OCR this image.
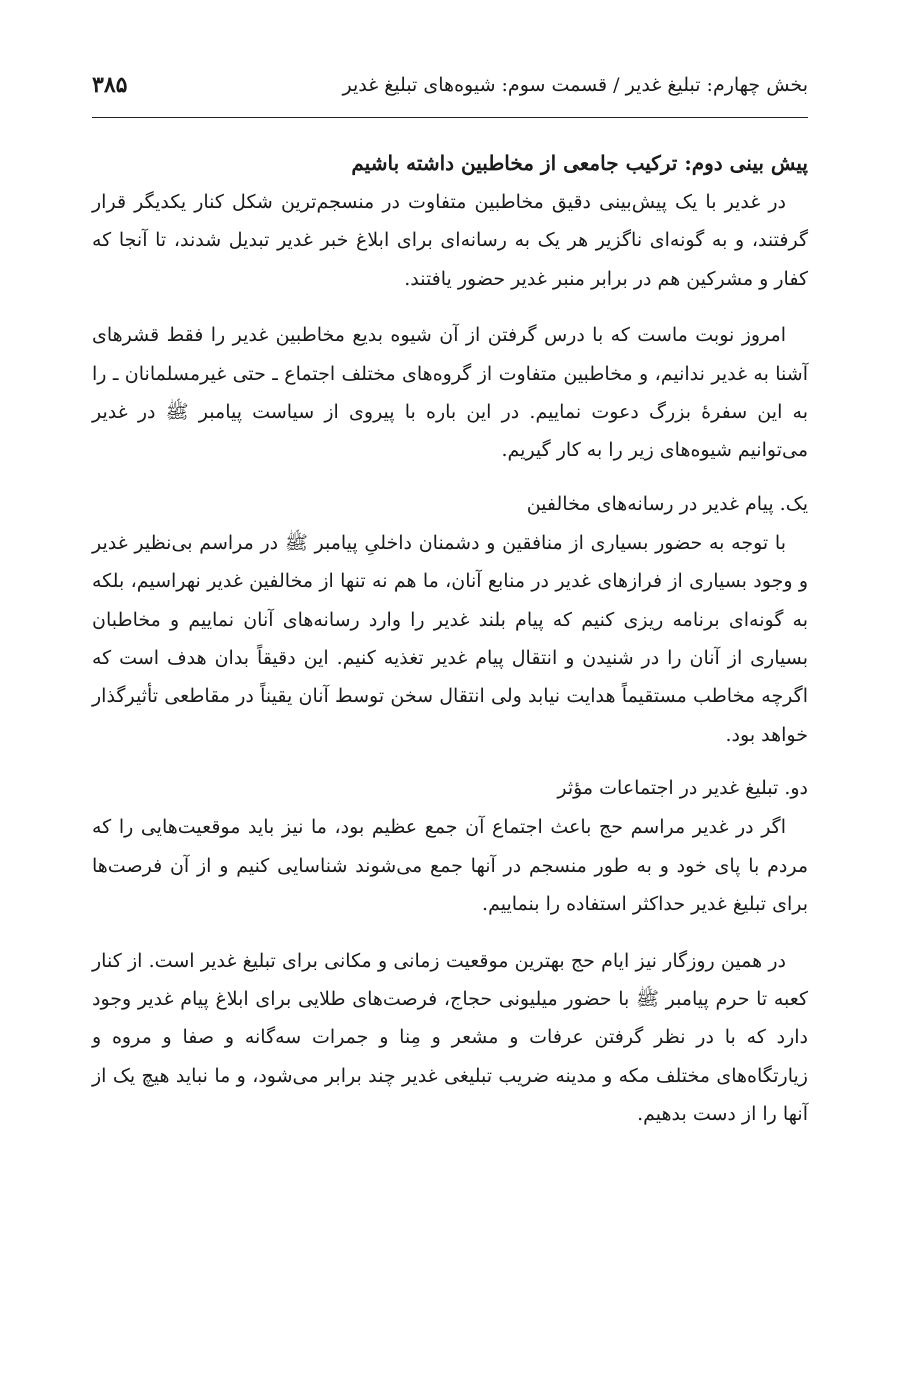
بخش چهارم: تبلیغ غدیر / قسمت سوم: شیوه‌های تبلیغ غدیر
۳۸۵
پیش بینی دوم: ترکیب جامعی از مخاطبین داشته باشیم

در غدیر با یک پیش‌بینی دقیق مخاطبین متفاوت در منسجم‌ترین شکل کنار یکدیگر قرار گرفتند، و به گونه‌ای ناگزیر هر یک به رسانه‌ای برای ابلاغ خبر غدیر تبدیل شدند، تا آنجا که کفار و مشرکین هم در برابر منبر غدیر حضور یافتند.

امروز نوبت ماست که با درس گرفتن از آن شیوه بدیع مخاطبین غدیر را فقط قشرهای آشنا به غدیر ندانیم، و مخاطبین متفاوت از گروه‌های مختلف اجتماع ـ حتی غیرمسلمانان ـ را به این سفرهٔ بزرگ دعوت نماییم. در این باره با پیروی از سیاست پیامبر ﷺ در غدیر می‌توانیم شیوه‌های زیر را به کار گیریم.

یک. پیام غدیر در رسانه‌های مخالفین

با توجه به حضور بسیاری از منافقین و دشمنان داخلیِ پیامبر ﷺ در مراسم بی‌نظیر غدیر و وجود بسیاری از فرازهای غدیر در منابع آنان، ما هم نه تنها از مخالفین غدیر نهراسیم، بلکه به گونه‌ای برنامه ریزی کنیم که پیام بلند غدیر را وارد رسانه‌های آنان نماییم و مخاطبان بسیاری از آنان را در شنیدن و انتقال پیام غدیر تغذیه کنیم. این دقیقاً بدان هدف است که اگرچه مخاطب مستقیماً هدایت نیابد ولی انتقال سخن توسط آنان یقیناً در مقاطعی تأثیرگذار خواهد بود.

دو. تبلیغ غدیر در اجتماعات مؤثر

اگر در غدیر مراسم حج باعث اجتماع آن جمع عظیم بود، ما نیز باید موقعیت‌هایی را که مردم با پای خود و به طور منسجم در آنها جمع می‌شوند شناسایی کنیم و از آن فرصت‌ها برای تبلیغ غدیر حداکثر استفاده را بنماییم.

در همین روزگار نیز ایام حج بهترین موقعیت زمانی و مکانی برای تبلیغ غدیر است. از کنار کعبه تا حرم پیامبر ﷺ با حضور میلیونی حجاج، فرصت‌های طلایی برای ابلاغ پیام غدیر وجود دارد که با در نظر گرفتن عرفات و مشعر و مِنا و جمرات سه‌گانه و صفا و مروه و زیارتگاه‌های مختلف مکه و مدینه ضریب تبلیغی غدیر چند برابر می‌شود، و ما نباید هیچ یک از آنها را از دست بدهیم.
